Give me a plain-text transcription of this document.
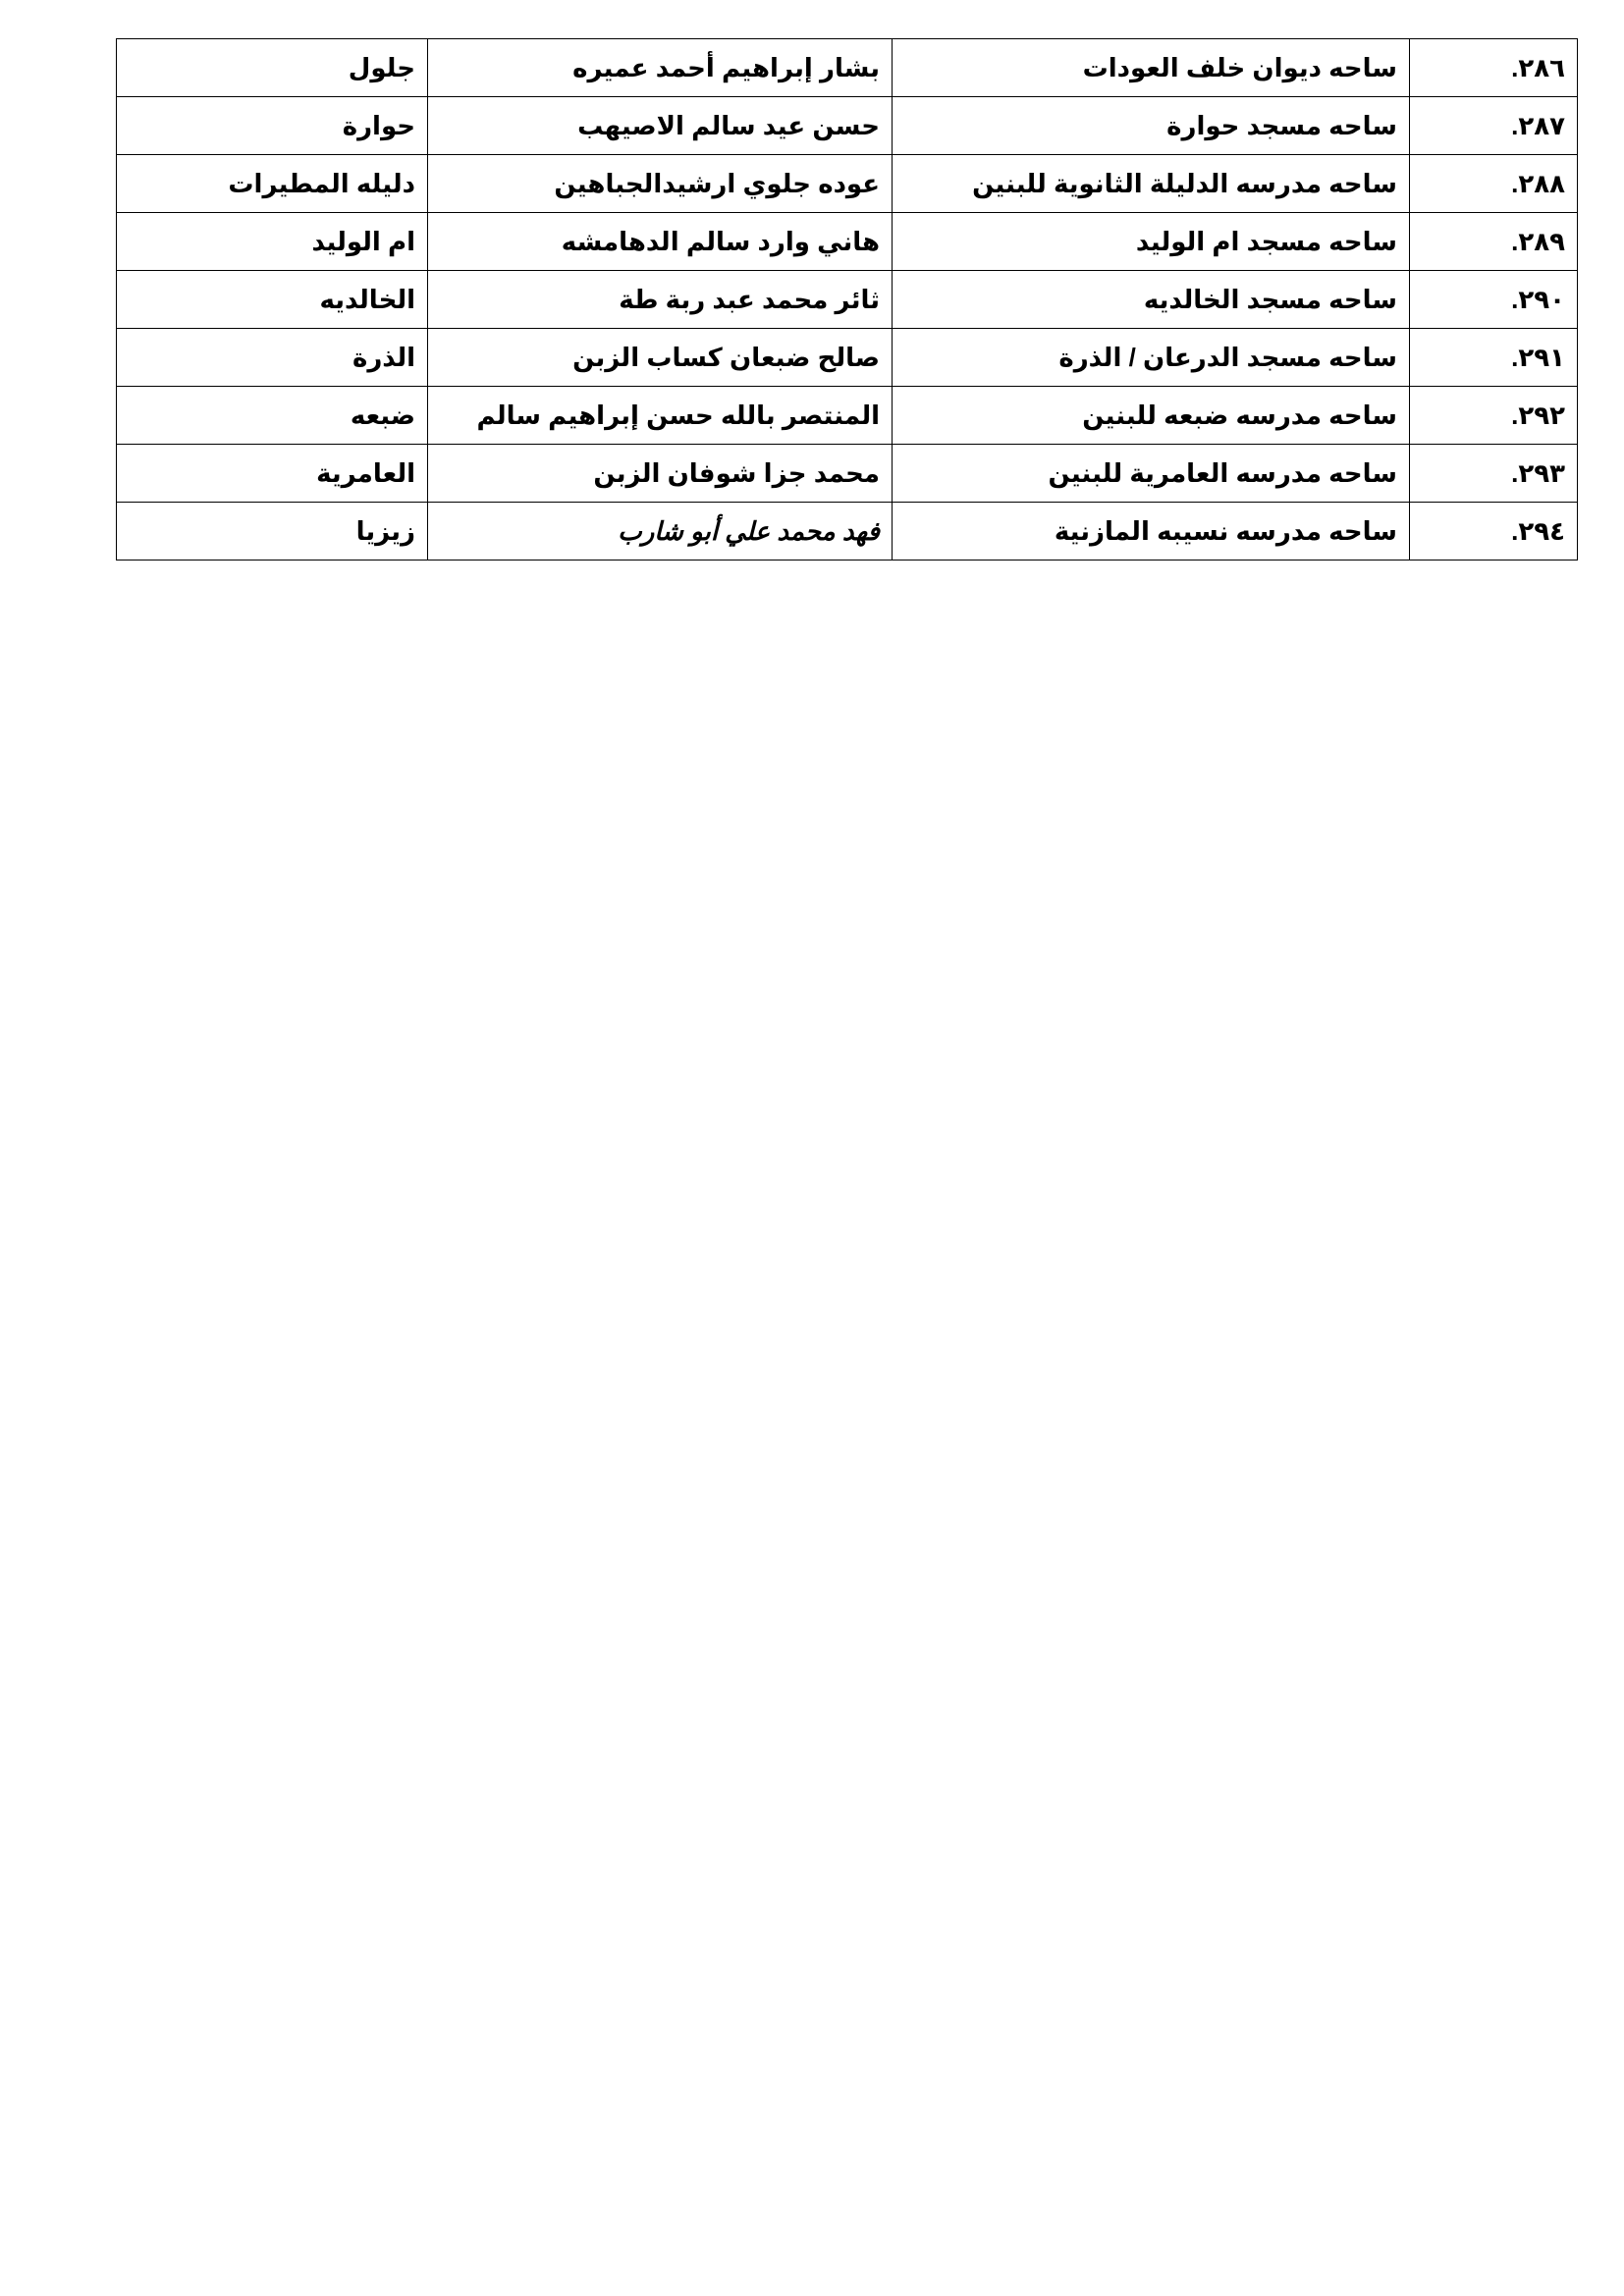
٢٨٦.	ساحه ديوان خلف العودات	بشار إبراهيم أحمد عميره	جلول
٢٨٧.	ساحه مسجد حوارة	حسن عيد سالم الاصيهب	حوارة
٢٨٨.	ساحه مدرسه الدليلة الثانوية للبنين	عوده جلوي ارشيدالجباهين	دليله المطيرات
٢٨٩.	ساحه مسجد ام الوليد	هاني وارد سالم الدهامشه	ام الوليد
٢٩٠.	ساحه مسجد الخالديه	ثائر محمد عبد ربة طة	الخالديه
٢٩١.	ساحه مسجد الدرعان / الذرة	صالح ضبعان كساب الزبن	الذرة
٢٩٢.	ساحه مدرسه ضبعه للبنين	المنتصر بالله حسن إبراهيم سالم	ضبعه
٢٩٣.	ساحه مدرسه العامرية للبنين	محمد جزا شوفان الزبن	العامرية
٢٩٤.	ساحه مدرسه نسيبه المازنية	فهد محمد علي أبو شارب	زيزيا
